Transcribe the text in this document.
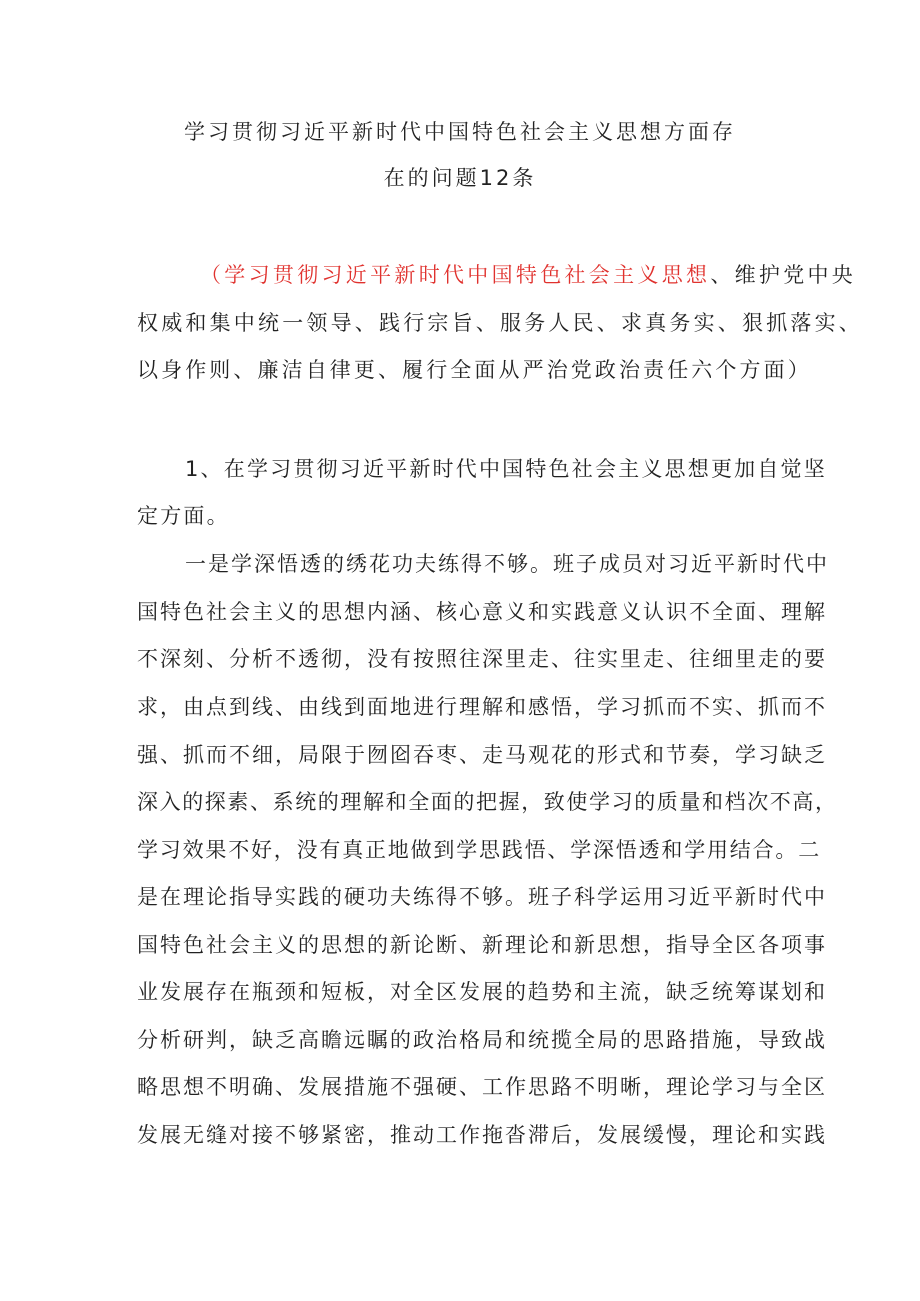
学习贯彻习近平新时代中国特色社会主义思想方面存
在的问题12条

（学习贯彻习近平新时代中国特色社会主义思想、维护党中央

权威和集中统一领导、践行宗旨、服务人民、求真务实、狠抓落实、

以身作则、廉洁自律更、履行全面从严治党政治责任六个方面）

1、在学习贯彻习近平新时代中国特色社会主义思想更加自觉坚

定方面。

一是学深悟透的绣花功夫练得不够。班子成员对习近平新时代中

国特色社会主义的思想内涵、核心意义和实践意义认识不全面、理解

不深刻、分析不透彻，没有按照往深里走、往实里走、往细里走的要

求，由点到线、由线到面地进行理解和感悟，学习抓而不实、抓而不

强、抓而不细，局限于囫囵吞枣、走马观花的形式和节奏，学习缺乏

深入的探素、系统的理解和全面的把握，致使学习的质量和档次不高，

学习效果不好，没有真正地做到学思践悟、学深悟透和学用结合。二

是在理论指导实践的硬功夫练得不够。班子科学运用习近平新时代中

国特色社会主义的思想的新论断、新理论和新思想，指导全区各项事

业发展存在瓶颈和短板，对全区发展的趋势和主流，缺乏统筹谋划和

分析研判，缺乏高瞻远瞩的政治格局和统揽全局的思路措施，导致战

略思想不明确、发展措施不强硬、工作思路不明晰，理论学习与全区

发展无缝对接不够紧密，推动工作拖沓滞后，发展缓慢，理论和实践
